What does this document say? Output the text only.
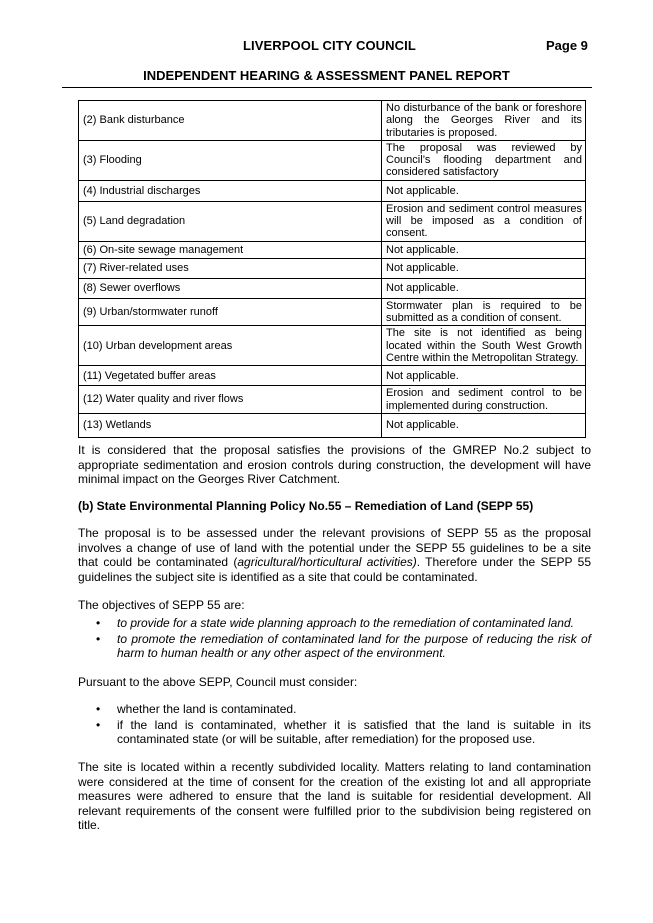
LIVERPOOL CITY COUNCIL	Page 9
INDEPENDENT HEARING & ASSESSMENT PANEL REPORT
(2) Bank disturbance	No disturbance of the bank or foreshore along the Georges River and its tributaries is proposed.
(3) Flooding	The proposal was reviewed by Council’s flooding department and considered satisfactory
(4) Industrial discharges	Not applicable.
(5) Land degradation	Erosion and sediment control measures will be imposed as a condition of consent.
(6) On-site sewage management	Not applicable.
(7) River-related uses	Not applicable.
(8) Sewer overflows	Not applicable.
(9) Urban/stormwater runoff	Stormwater plan is required to be submitted as a condition of consent.
(10) Urban development areas	The site is not identified as being located within the South West Growth Centre within the Metropolitan Strategy.
(11) Vegetated buffer areas	Not applicable.
(12) Water quality and river flows	Erosion and sediment control to be implemented during construction.
(13) Wetlands	Not applicable.

It is considered that the proposal satisfies the provisions of the GMREP No.2 subject to appropriate sedimentation and erosion controls during construction, the development will have minimal impact on the Georges River Catchment.

(b) State Environmental Planning Policy No.55 – Remediation of Land (SEPP 55)

The proposal is to be assessed under the relevant provisions of SEPP 55 as the proposal involves a change of use of land with the potential under the SEPP 55 guidelines to be a site that could be contaminated (agricultural/horticultural activities). Therefore under the SEPP 55 guidelines the subject site is identified as a site that could be contaminated.

The objectives of SEPP 55 are:
• to provide for a state wide planning approach to the remediation of contaminated land.
• to promote the remediation of contaminated land for the purpose of reducing the risk of harm to human health or any other aspect of the environment.
Pursuant to the above SEPP, Council must consider:
• whether the land is contaminated.
• if the land is contaminated, whether it is satisfied that the land is suitable in its contaminated state (or will be suitable, after remediation) for the proposed use.

The site is located within a recently subdivided locality. Matters relating to land contamination were considered at the time of consent for the creation of the existing lot and all appropriate measures were adhered to ensure that the land is suitable for residential development. All relevant requirements of the consent were fulfilled prior to the subdivision being registered on title.
